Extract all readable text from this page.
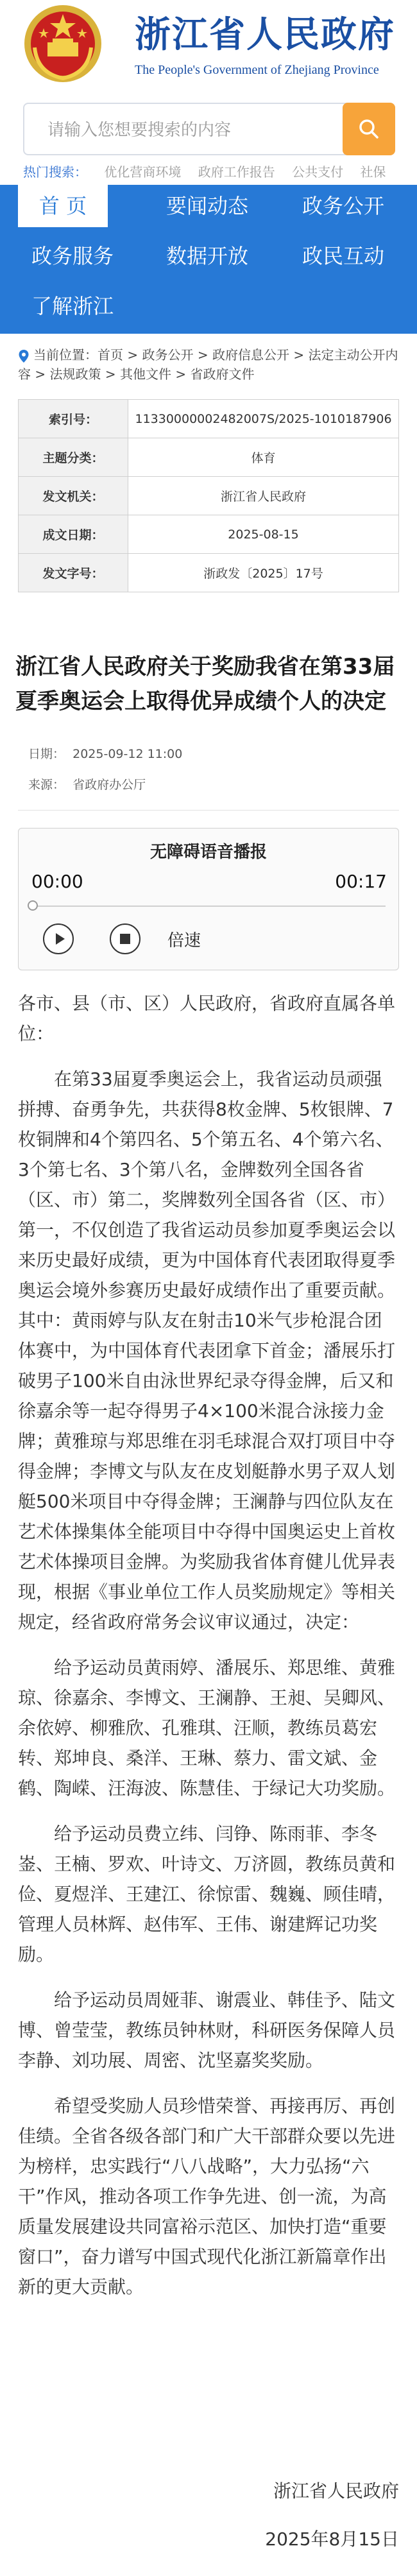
浙江省人民政府
The People's Government of Zhejiang Province
请输入您想要搜索的内容
热门搜索： 优化营商环境 政府工作报告 公共支付 社保
首 页	要闻动态	政务公开
政务服务	数据开放	政民互动
了解浙江
当前位置：首页 > 政务公开 > 政府信息公开 > 法定主动公开内容 > 法规政策 > 其他文件 > 省政府文件
索引号：	11330000002482007S/2025-1010187906
主题分类：	体育
发文机关：	浙江省人民政府
成文日期：	2025-08-15
发文字号：	浙政发〔2025〕17号
浙江省人民政府关于奖励我省在第33届夏季奥运会上取得优异成绩个人的决定
日期： 2025-09-12 11:00
来源： 省政府办公厅
无障碍语音播报
00:00	00:17
倍速

各市、县（市、区）人民政府，省政府直属各单位：

在第33届夏季奥运会上，我省运动员顽强拼搏、奋勇争先，共获得8枚金牌、5枚银牌、7枚铜牌和4个第四名、5个第五名、4个第六名、3个第七名、3个第八名，金牌数列全国各省（区、市）第二，奖牌数列全国各省（区、市）第一，不仅创造了我省运动员参加夏季奥运会以来历史最好成绩，更为中国体育代表团取得夏季奥运会境外参赛历史最好成绩作出了重要贡献。其中：黄雨婷与队友在射击10米气步枪混合团体赛中，为中国体育代表团拿下首金；潘展乐打破男子100米自由泳世界纪录夺得金牌，后又和徐嘉余等一起夺得男子4×100米混合泳接力金牌；黄雅琼与郑思维在羽毛球混合双打项目中夺得金牌；李博文与队友在皮划艇静水男子双人划艇500米项目中夺得金牌；王澜静与四位队友在艺术体操集体全能项目中夺得中国奥运史上首枚艺术体操项目金牌。为奖励我省体育健儿优异表现，根据《事业单位工作人员奖励规定》等相关规定，经省政府常务会议审议通过，决定：

给予运动员黄雨婷、潘展乐、郑思维、黄雅琼、徐嘉余、李博文、王澜静、王昶、吴卿风、余依婷、柳雅欣、孔雅琪、汪顺，教练员葛宏转、郑坤良、桑洋、王琳、蔡力、雷文斌、金鹤、陶嵘、汪海波、陈慧佳、于绿记大功奖励。

给予运动员费立纬、闫铮、陈雨菲、李冬崟、王楠、罗欢、叶诗文、万济圆，教练员黄和俭、夏煜洋、王建江、徐惊雷、魏巍、顾佳晴，管理人员林辉、赵伟军、王伟、谢建辉记功奖励。

给予运动员周娅菲、谢震业、韩佳予、陆文博、曾莹莹，教练员钟林财，科研医务保障人员李静、刘功展、周密、沈坚嘉奖奖励。

希望受奖励人员珍惜荣誉、再接再厉、再创佳绩。全省各级各部门和广大干部群众要以先进为榜样，忠实践行“八八战略”，大力弘扬“六干”作风，推动各项工作争先进、创一流，为高质量发展建设共同富裕示范区、加快打造“重要窗口”，奋力谱写中国式现代化浙江新篇章作出新的更大贡献。

浙江省人民政府
2025年8月15日
